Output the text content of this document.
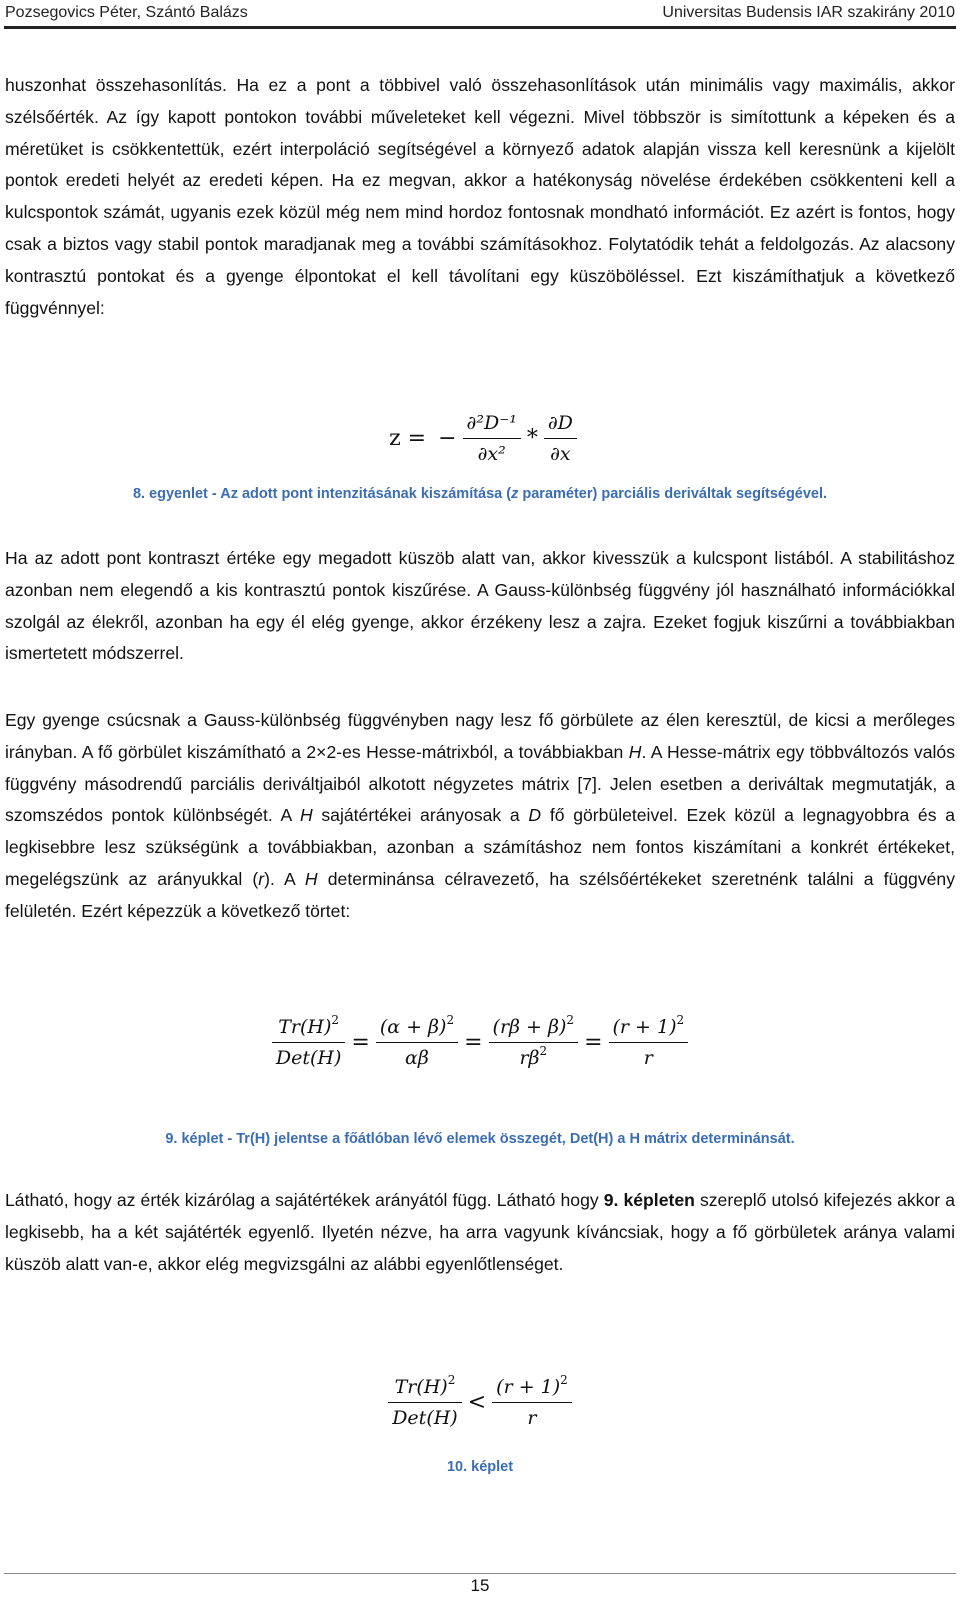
Pozsegovics Péter, Szántó Balázs	Universitas Budensis IAR szakirány 2010

huszonhat összehasonlítás. Ha ez a pont a többivel való összehasonlítások után minimális vagy maximális, akkor szélsőérték. Az így kapott pontokon további műveleteket kell végezni. Mivel többször is simítottunk a képeken és a méretüket is csökkentettük, ezért interpoláció segítségével a környező adatok alapján vissza kell keresnünk a kijelölt pontok eredeti helyét az eredeti képen. Ha ez megvan, akkor a hatékonyság növelése érdekében csökkenteni kell a kulcspontok számát, ugyanis ezek közül még nem mind hordoz fontosnak mondható információt. Ez azért is fontos, hogy csak a biztos vagy stabil pontok maradjanak meg a további számításokhoz. Folytatódik tehát a feldolgozás. Az alacsony kontrasztú pontokat és a gyenge élpontokat el kell távolítani egy küszöböléssel. Ezt kiszámíthatjuk a következő függvénnyel:

z = − $\frac{\text{∂²D⁻¹}}{\text{∂x²}} * \frac{\partial D}{\partial x}$
8. egyenlet - Az adott pont intenzitásának kiszámítása (z paraméter) parciális deriváltak segítségével.

Ha az adott pont kontraszt értéke egy megadott küszöb alatt van, akkor kivesszük a kulcspont listából. A stabilitáshoz azonban nem elegendő a kis kontrasztú pontok kiszűrése. A Gauss-különbség függvény jól használható információkkal szolgál az élekről, azonban ha egy él elég gyenge, akkor érzékeny lesz a zajra. Ezeket fogjuk kiszűrni a továbbiakban ismertetett módszerrel.

Egy gyenge csúcsnak a Gauss-különbség függvényben nagy lesz fő görbülete az élen keresztül, de kicsi a merőleges irányban. A fő görbület kiszámítható a 2×2-es Hesse-mátrixból, a továbbiakban H. A Hesse-mátrix egy többváltozós valós függvény másodrendű parciális deriváltjaiból alkotott négyzetes mátrix [7]. Jelen esetben a deriváltak megmutatják, a szomszédos pontok különbségét. A H sajátértékei arányosak a D fő görbületeivel. Ezek közül a legnagyobbra és a legkisebbre lesz szükségünk a továbbiakban, azonban a számításhoz nem fontos kiszámítani a konkrét értékeket, megelégszünk az arányukkal (r). A H determinánsa célravezető, ha szélsőértékeket szeretnénk találni a függvény felületén. Ezért képezzük a következő törtet:

$\frac{Tr(H)^2}{\text{Det(H)}} = \frac{(\alpha + \beta)^2}{\alpha\beta} = \frac{(r\beta + \beta)^2}{r\beta^2} = \frac{(r + 1)^2}{r}$
9. képlet - Tr(H) jelentse a főátlóban lévő elemek összegét, Det(H) a H mátrix determinánsát.

Látható, hogy az érték kizárólag a sajátértékek arányától függ. Látható hogy 9. képleten szereplő utolsó kifejezés akkor a legkisebb, ha a két sajátérték egyenlő. Ilyetén nézve, ha arra vagyunk kíváncsiak, hogy a fő görbületek aránya valami küszöb alatt van-e, akkor elég megvizsgálni az alábbi egyenlőtlenséget.

$\frac{Tr(H)^2}{\text{Det(H)}} < \frac{(r + 1)^2}{r}$
10. képlet
15
